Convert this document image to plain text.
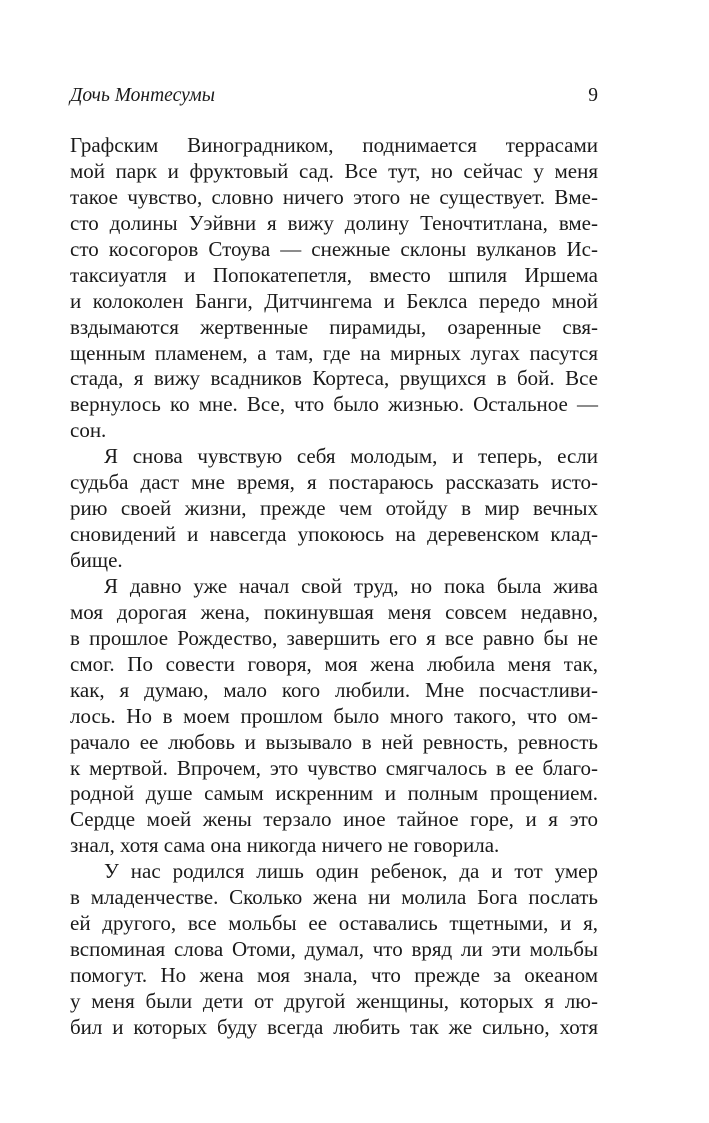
Дочь Монтесумы	9
Графским Виноградником, поднимается террасами
мой парк и фруктовый сад. Все тут, но сейчас у меня
такое чувство, словно ничего этого не существует. Вме-
сто долины Уэйвни я вижу долину Теночтитлана, вме-
сто косогоров Стоува — снежные склоны вулканов Ис-
таксиуатля и Попокатепетля, вместо шпиля Иршема
и колоколен Банги, Дитчингема и Беклса передо мной
вздымаются жертвенные пирамиды, озаренные свя-
щенным пламенем, а там, где на мирных лугах пасутся
стада, я вижу всадников Кортеса, рвущихся в бой. Все
вернулось ко мне. Все, что было жизнью. Остальное —
сон.
Я снова чувствую себя молодым, и теперь, если
судьба даст мне время, я постараюсь рассказать исто-
рию своей жизни, прежде чем отойду в мир вечных
сновидений и навсегда упокоюсь на деревенском клад-
бище.
Я давно уже начал свой труд, но пока была жива
моя дорогая жена, покинувшая меня совсем недавно,
в прошлое Рождество, завершить его я все равно бы не
смог. По совести говоря, моя жена любила меня так,
как, я думаю, мало кого любили. Мне посчастливи-
лось. Но в моем прошлом было много такого, что ом-
рачало ее любовь и вызывало в ней ревность, ревность
к мертвой. Впрочем, это чувство смягчалось в ее благо-
родной душе самым искренним и полным прощением.
Сердце моей жены терзало иное тайное горе, и я это
знал, хотя сама она никогда ничего не говорила.
У нас родился лишь один ребенок, да и тот умер
в младенчестве. Сколько жена ни молила Бога послать
ей другого, все мольбы ее оставались тщетными, и я,
вспоминая слова Отоми, думал, что вряд ли эти мольбы
помогут. Но жена моя знала, что прежде за океаном
у меня были дети от другой женщины, которых я лю-
бил и которых буду всегда любить так же сильно, хотя
